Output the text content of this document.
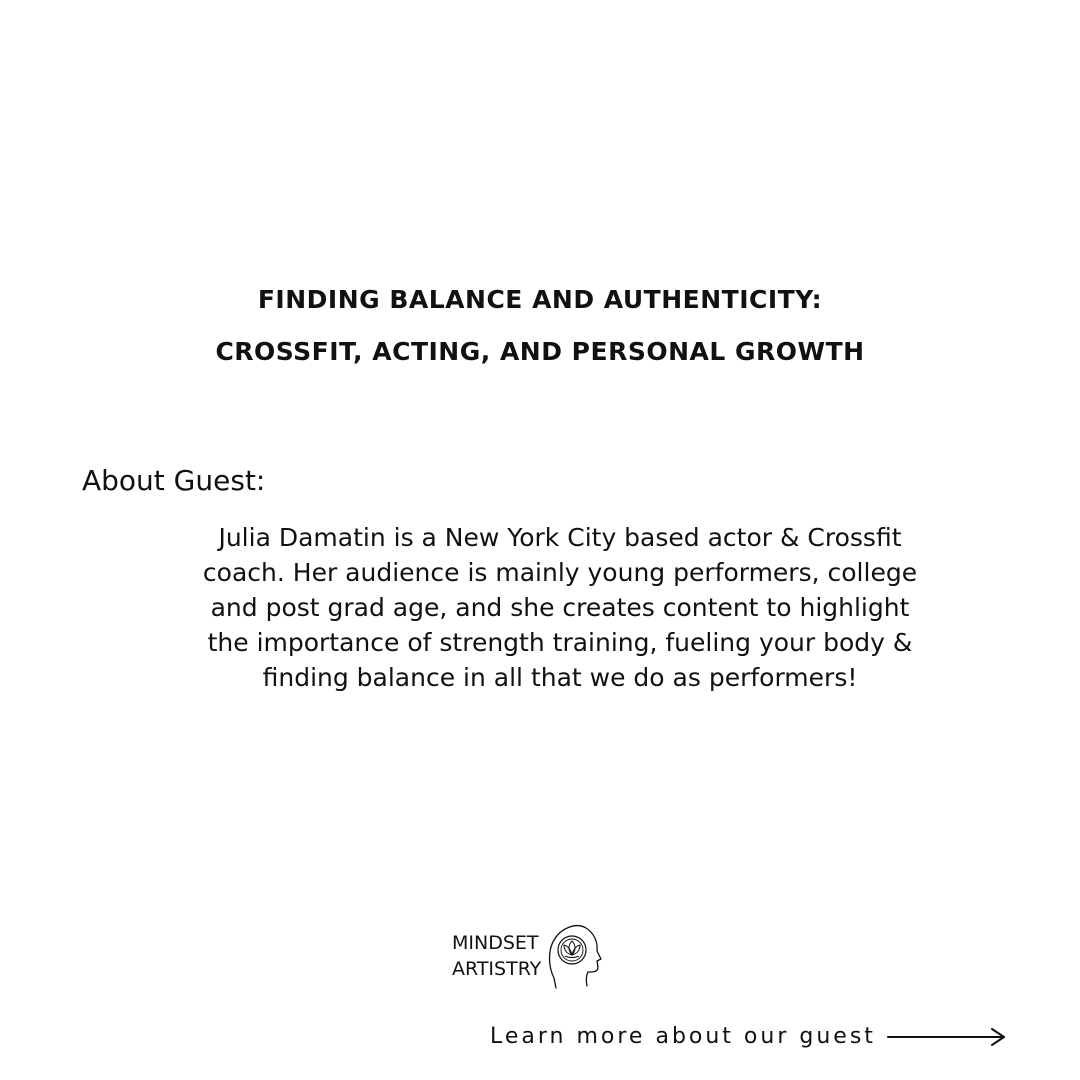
FINDING BALANCE AND AUTHENTICITY:
CROSSFIT, ACTING, AND PERSONAL GROWTH
About Guest:
Julia Damatin is a New York City based actor & Crossfit
coach. Her audience is mainly young performers, college
and post grad age, and she creates content to highlight
the importance of strength training, fueling your body &
finding balance in all that we do as performers!
MINDSET
ARTISTRY
Learn more about our guest
